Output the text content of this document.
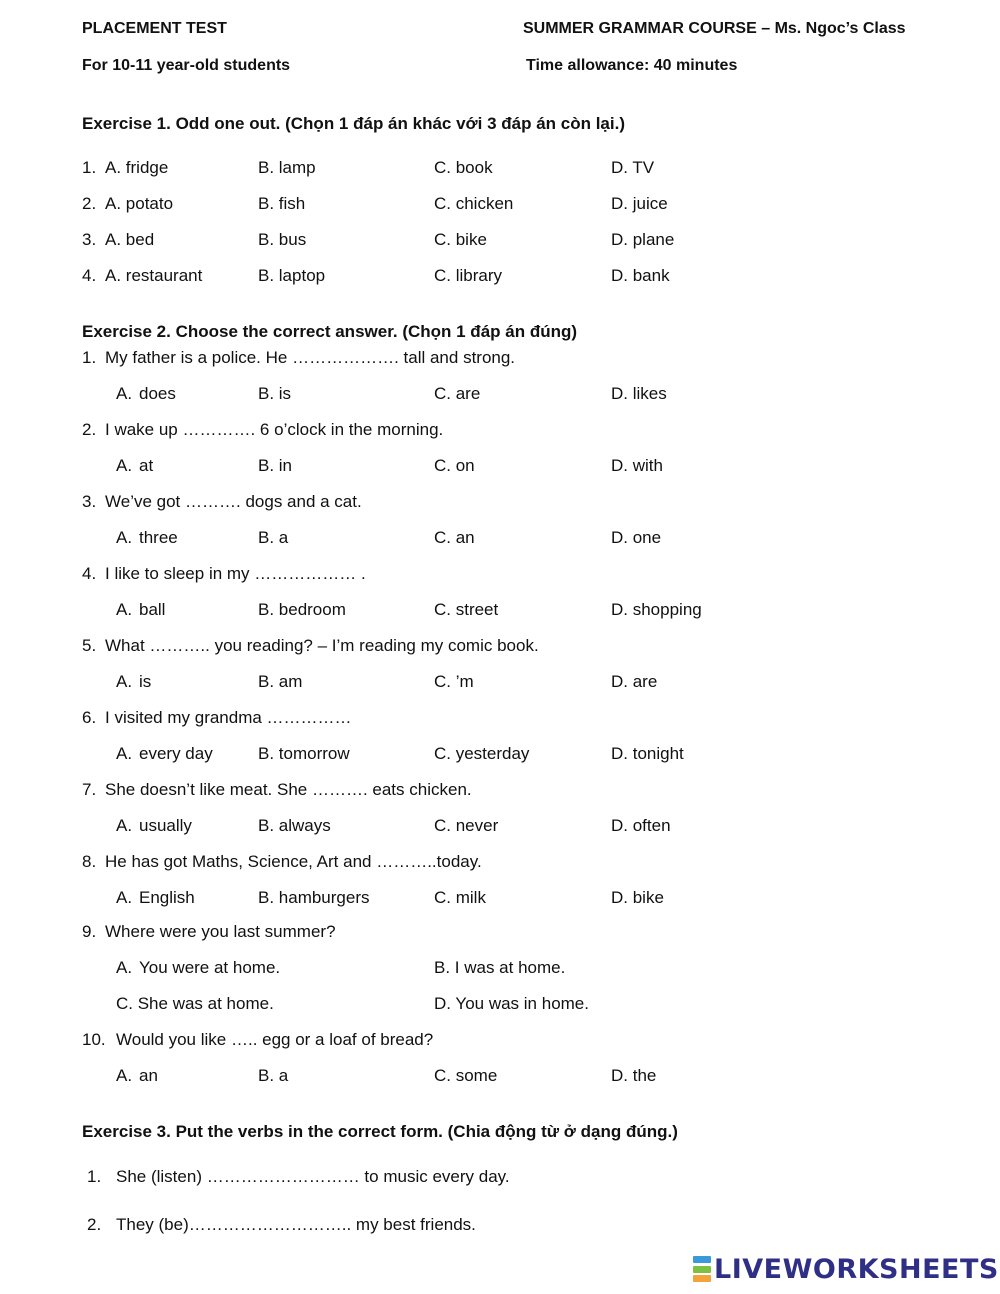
PLACEMENT TEST	SUMMER GRAMMAR COURSE – Ms. Ngoc’s Class
For 10-11 year-old students	Time allowance: 40 minutes
Exercise 1. Odd one out. (Chọn 1 đáp án khác với 3 đáp án còn lại.)
1. A. fridge	B. lamp	C. book	D. TV
2. A. potato	B. fish	C. chicken	D. juice
3. A. bed	B. bus	C. bike	D. plane
4. A. restaurant	B. laptop	C. library	D. bank
Exercise 2. Choose the correct answer. (Chọn 1 đáp án đúng)
1. My father is a police. He ………………. tall and strong.
A. does	B. is	C. are	D. likes
2. I wake up …………. 6 o’clock in the morning.
A. at	B. in	C. on	D. with
3. We’ve got ………. dogs and a cat.
A. three	B. a	C. an	D. one
4. I like to sleep in my ……………… .
A. ball	B. bedroom	C. street	D. shopping
5. What ……….. you reading? – I’m reading my comic book.
A. is	B. am	C. ’m	D. are
6. I visited my grandma ……………
A. every day	B. tomorrow	C. yesterday	D. tonight
7. She doesn’t like meat. She ………. eats chicken.
A. usually	B. always	C. never	D. often
8. He has got Maths, Science, Art and ………..today.
A. English	B. hamburgers	C. milk	D. bike
9. Where were you last summer?
A. You were at home.	B. I was at home.
C. She was at home.	D. You was in home.
10. Would you like ….. egg or a loaf of bread?
A. an	B. a	C. some	D. the
Exercise 3. Put the verbs in the correct form. (Chia động từ ở dạng đúng.)
1. She (listen) ……………………… to music every day.
2. They (be)……………………….. my best friends.
LIVEWORKSHEETS
